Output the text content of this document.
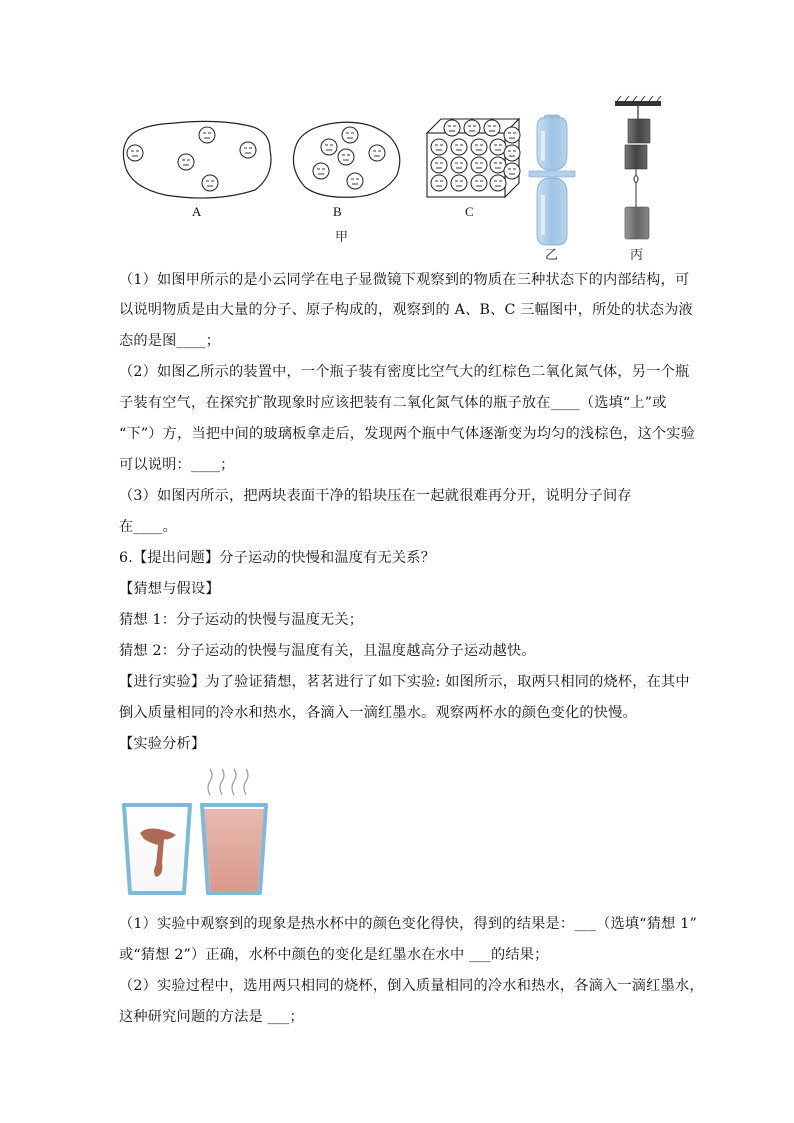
A	B	C
甲
乙	丙
（1）如图甲所示的是小云同学在电子显微镜下观察到的物质在三种状态下的内部结构，可
以说明物质是由大量的分子、原子构成的，观察到的 A、B、C 三幅图中，所处的状态为液
态的是图____；
（2）如图乙所示的装置中，一个瓶子装有密度比空气大的红棕色二氧化氮气体，另一个瓶
子装有空气，在探究扩散现象时应该把装有二氧化氮气体的瓶子放在____（选填“上”或
“下”）方，当把中间的玻璃板拿走后，发现两个瓶中气体逐渐变为均匀的浅棕色，这个实验
可以说明：____；
（3）如图丙所示，把两块表面干净的铅块压在一起就很难再分开，说明分子间存
在____。
6.【提出问题】分子运动的快慢和温度有无关系？
【猜想与假设】
猜想 1：分子运动的快慢与温度无关；
猜想 2：分子运动的快慢与温度有关，且温度越高分子运动越快。
【进行实验】为了验证猜想，茗茗进行了如下实验: 如图所示，取两只相同的烧杯，在其中
倒入质量相同的冷水和热水，各滴入一滴红墨水。观察两杯水的颜色变化的快慢。
【实验分析】
（1）实验中观察到的现象是热水杯中的颜色变化得快，得到的结果是：___（选填“猜想 1”
或“猜想 2”）正确，水杯中颜色的变化是红墨水在水中 ___的结果；
（2）实验过程中，选用两只相同的烧杯，倒入质量相同的冷水和热水，各滴入一滴红墨水，
这种研究问题的方法是 ___；
